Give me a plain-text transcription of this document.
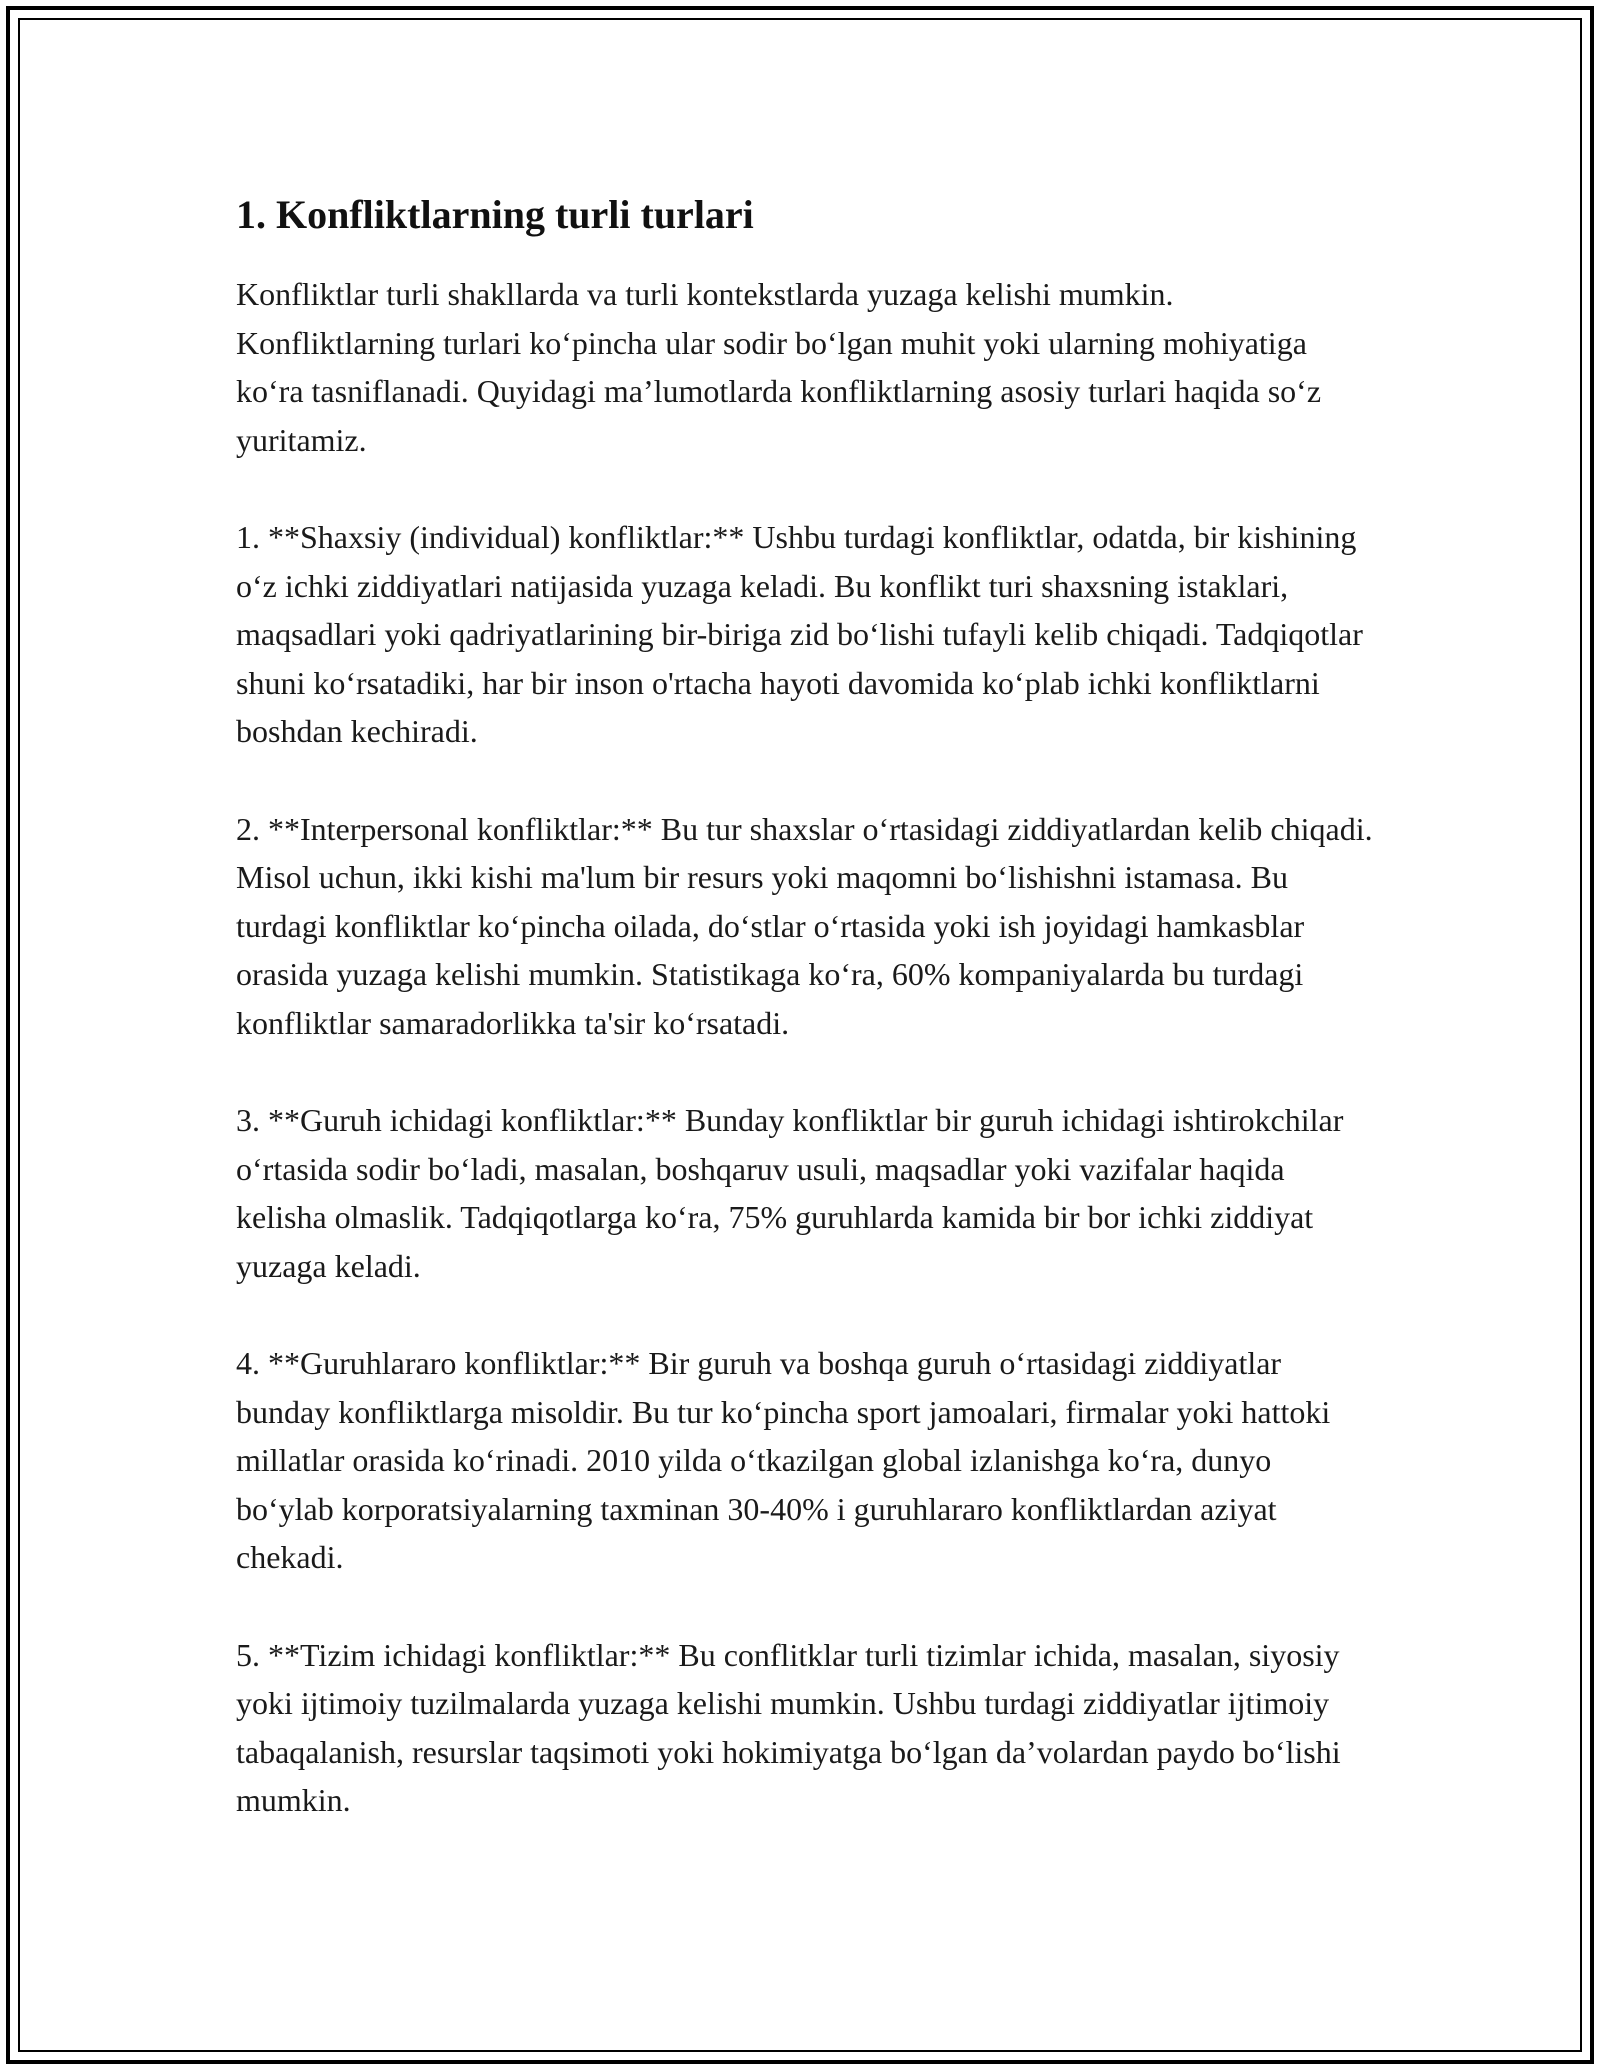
1. Konfliktlarning turli turlari

Konfliktlar turli shakllarda va turli kontekstlarda yuzaga kelishi mumkin. Konfliktlarning turlari ko‘pincha ular sodir bo‘lgan muhit yoki ularning mohiyatiga ko‘ra tasniflanadi. Quyidagi ma’lumotlarda konfliktlarning asosiy turlari haqida so‘z yuritamiz.

1. **Shaxsiy (individual) konfliktlar:** Ushbu turdagi konfliktlar, odatda, bir kishining o‘z ichki ziddiyatlari natijasida yuzaga keladi. Bu konflikt turi shaxsning istaklari, maqsadlari yoki qadriyatlarining bir-biriga zid bo‘lishi tufayli kelib chiqadi. Tadqiqotlar shuni ko‘rsatadiki, har bir inson o'rtacha hayoti davomida ko‘plab ichki konfliktlarni boshdan kechiradi.

2. **Interpersonal konfliktlar:** Bu tur shaxslar o‘rtasidagi ziddiyatlardan kelib chiqadi. Misol uchun, ikki kishi ma'lum bir resurs yoki maqomni bo‘lishishni istamasa. Bu turdagi konfliktlar ko‘pincha oilada, do‘stlar o‘rtasida yoki ish joyidagi hamkasblar orasida yuzaga kelishi mumkin. Statistikaga ko‘ra, 60% kompaniyalarda bu turdagi konfliktlar samaradorlikka ta'sir ko‘rsatadi.

3. **Guruh ichidagi konfliktlar:** Bunday konfliktlar bir guruh ichidagi ishtirokchilar o‘rtasida sodir bo‘ladi, masalan, boshqaruv usuli, maqsadlar yoki vazifalar haqida kelisha olmaslik. Tadqiqotlarga ko‘ra, 75% guruhlarda kamida bir bor ichki ziddiyat yuzaga keladi.

4. **Guruhlararo konfliktlar:** Bir guruh va boshqa guruh o‘rtasidagi ziddiyatlar bunday konfliktlarga misoldir. Bu tur ko‘pincha sport jamoalari, firmalar yoki hattoki millatlar orasida ko‘rinadi. 2010 yilda o‘tkazilgan global izlanishga ko‘ra, dunyo bo‘ylab korporatsiyalarning taxminan 30-40% i guruhlararo konfliktlardan aziyat chekadi.

5. **Tizim ichidagi konfliktlar:** Bu conflitklar turli tizimlar ichida, masalan, siyosiy yoki ijtimoiy tuzilmalarda yuzaga kelishi mumkin. Ushbu turdagi ziddiyatlar ijtimoiy tabaqalanish, resurslar taqsimoti yoki hokimiyatga bo‘lgan da’volardan paydo bo‘lishi mumkin.
